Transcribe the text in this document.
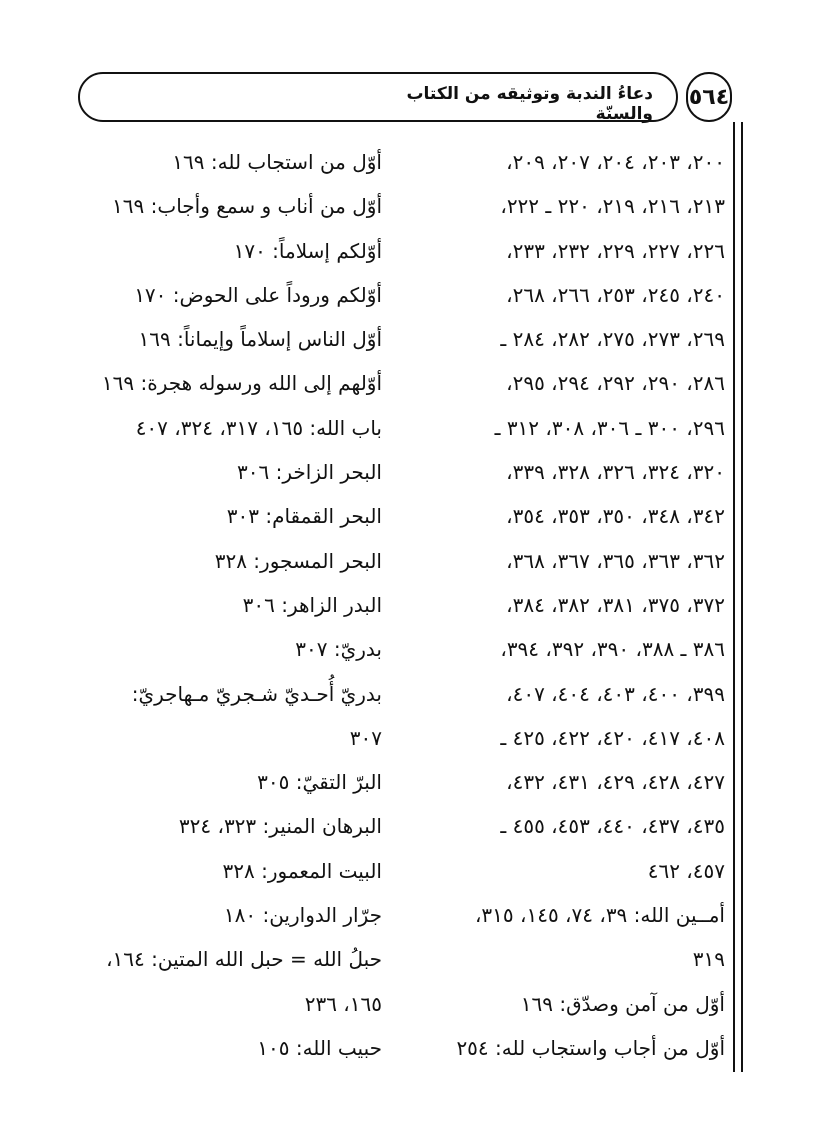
دعاءُ الندبة وتوثيقه من الكتاب والسنّة
٥٦٤
٢٠٠، ٢٠٣، ٢٠٤، ٢٠٧، ٢٠٩،
٢١٣، ٢١٦، ٢١٩، ٢٢٠ ـ ٢٢٢،
٢٢٦، ٢٢٧، ٢٢٩، ٢٣٢، ٢٣٣،
٢٤٠، ٢٤٥، ٢٥٣، ٢٦٦، ٢٦٨،
٢٦٩، ٢٧٣، ٢٧٥، ٢٨٢، ٢٨٤ ـ
٢٨٦، ٢٩٠، ٢٩٢، ٢٩٤، ٢٩٥،
٢٩٦، ٣٠٠ ـ ٣٠٦، ٣٠٨، ٣١٢ ـ
٣٢٠، ٣٢٤، ٣٢٦، ٣٢٨، ٣٣٩،
٣٤٢، ٣٤٨، ٣٥٠، ٣٥٣، ٣٥٤،
٣٦٢، ٣٦٣، ٣٦٥، ٣٦٧، ٣٦٨،
٣٧٢، ٣٧٥، ٣٨١، ٣٨٢، ٣٨٤،
٣٨٦ ـ ٣٨٨، ٣٩٠، ٣٩٢، ٣٩٤،
٣٩٩، ٤٠٠، ٤٠٣، ٤٠٤، ٤٠٧،
٤٠٨، ٤١٧، ٤٢٠، ٤٢٢، ٤٢٥ ـ
٤٢٧، ٤٢٨، ٤٢٩، ٤٣١، ٤٣٢،
٤٣٥، ٤٣٧، ٤٤٠، ٤٥٣، ٤٥٥ ـ
٤٥٧، ٤٦٢
أمــين الله: ٣٩، ٧٤، ١٤٥، ٣١٥،
٣١٩
أوّل من آمن وصدّق: ١٦٩
أوّل من أجاب واستجاب لله: ٢٥٤
أوّل من استجاب لله: ١٦٩
أوّل من أناب و سمع وأجاب: ١٦٩
أوّلكم إسلاماً: ١٧٠
أوّلكم وروداً على الحوض: ١٧٠
أوّل الناس إسلاماً وإيماناً: ١٦٩
أوّلهم إلى الله ورسوله هجرة: ١٦٩
باب الله: ١٦٥، ٣١٧، ٣٢٤، ٤٠٧
البحر الزاخر: ٣٠٦
البحر القمقام: ٣٠٣
البحر المسجور: ٣٢٨
البدر الزاهر: ٣٠٦
بدريّ: ٣٠٧
بدريّ أُحـديّ شـجريّ مـهاجريّ:
٣٠٧
البرّ التقيّ: ٣٠٥
البرهان المنير: ٣٢٣، ٣٢٤
البيت المعمور: ٣٢٨
جرّار الدوارين: ١٨٠
حبلُ الله = حبل الله المتين: ١٦٤،
١٦٥، ٢٣٦
حبيب الله: ١٠٥
